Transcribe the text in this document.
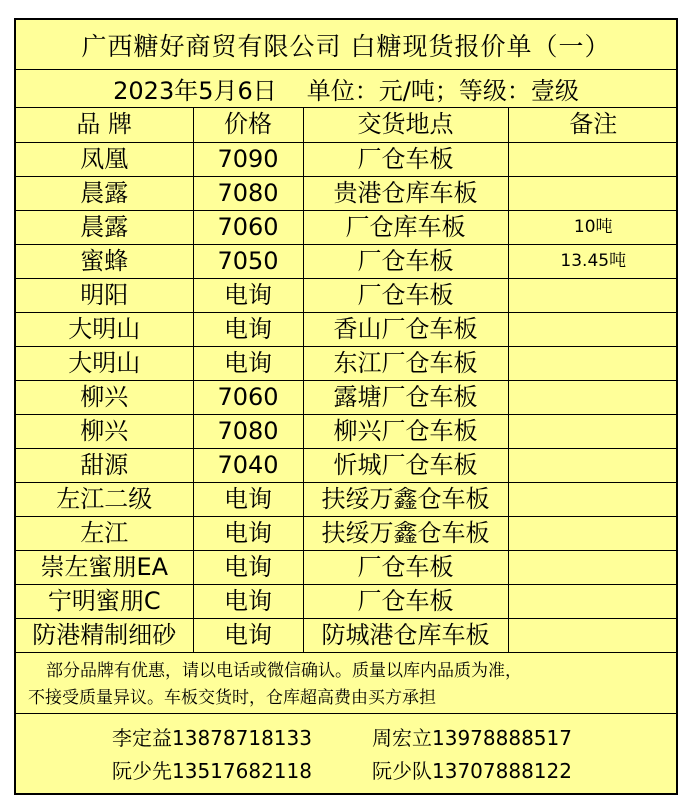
广西糖好商贸有限公司 白糖现货报价单（一）
2023年5月6日 单位：元/吨；等级：壹级
品 牌	价格	交货地点	备注
凤凰	7090	厂仓车板	
晨露	7080	贵港仓库车板	
晨露	7060	厂仓库车板	10吨
蜜蜂	7050	厂仓车板	13.45吨
明阳	电询	厂仓车板	
大明山	电询	香山厂仓车板	
大明山	电询	东江厂仓车板	
柳兴	7060	露塘厂仓车板	
柳兴	7080	柳兴厂仓车板	
甜源	7040	忻城厂仓车板	
左江二级	电询	扶绥万鑫仓车板	
左江	电询	扶绥万鑫仓车板	
崇左蜜朋EA	电询	厂仓车板	
宁明蜜朋C	电询	厂仓车板	
防港精制细砂	电询	防城港仓库车板	
部分品牌有优惠，请以电话或微信确认。质量以库内品质为准，
不接受质量异议。车板交货时，仓库超高费由买方承担
李定益13878718133	周宏立13978888517
阮少先13517682118	阮少队13707888122
